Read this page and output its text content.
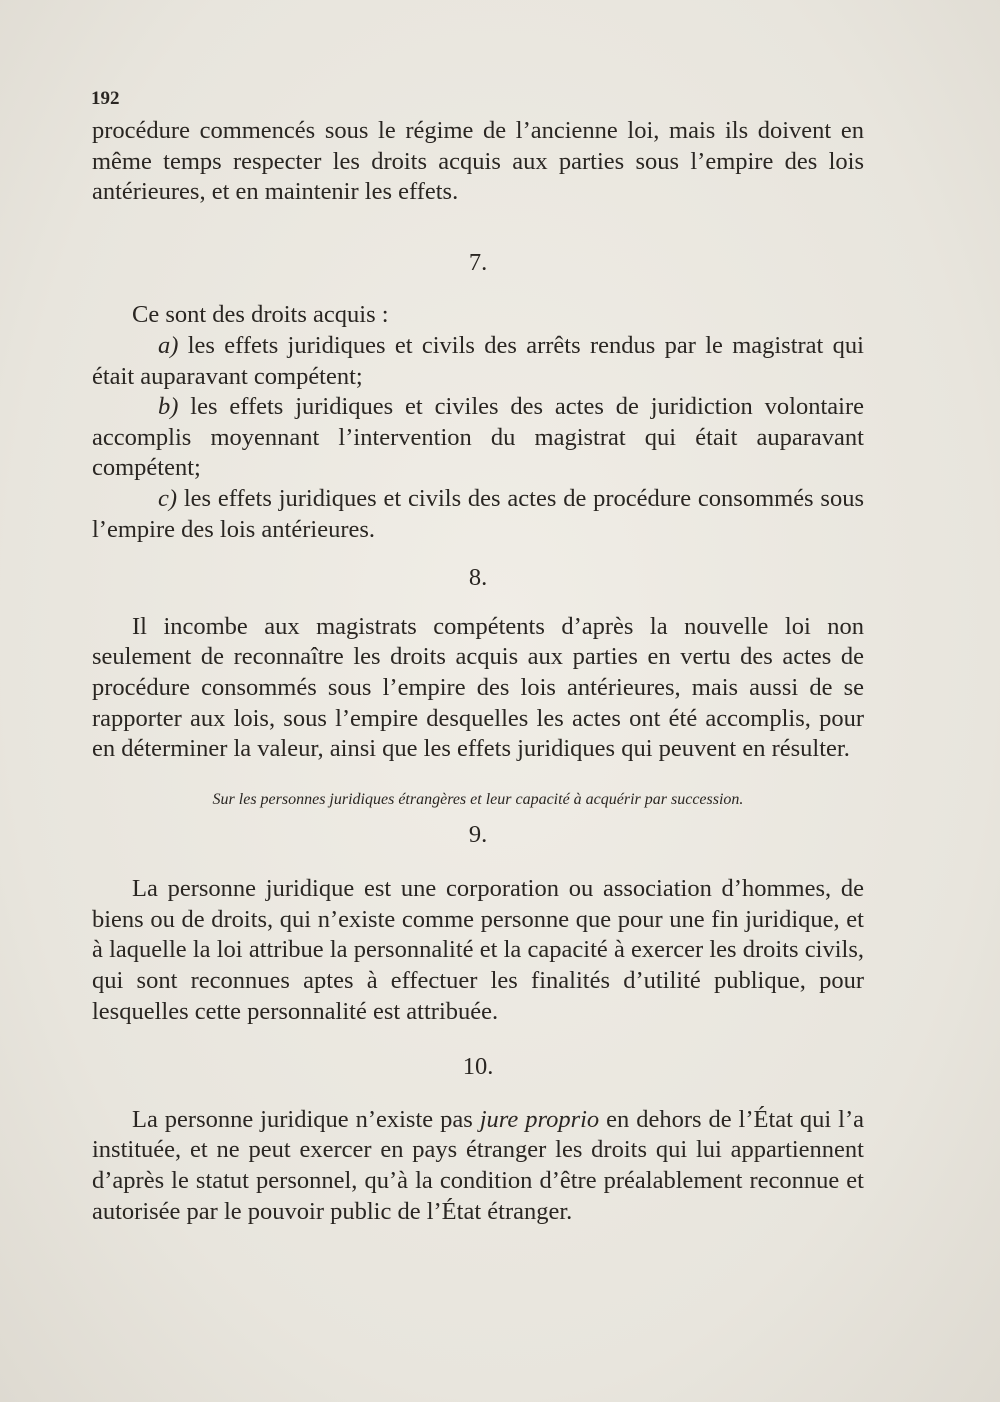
192

procédure commencés sous le régime de l’ancienne loi, mais ils doivent en même temps respecter les droits acquis aux parties sous l’empire des lois antérieures, et en maintenir les effets.

7.

Ce sont des droits acquis :

a) les effets juridiques et civils des arrêts rendus par le magistrat qui était auparavant compétent;

b) les effets juridiques et civiles des actes de juridiction volontaire accomplis moyennant l’intervention du magistrat qui était auparavant compétent;

c) les effets juridiques et civils des actes de procédure consommés sous l’empire des lois antérieures.

8.

Il incombe aux magistrats compétents d’après la nouvelle loi non seulement de reconnaître les droits acquis aux parties en vertu des actes de procédure consommés sous l’empire des lois antérieures, mais aussi de se rapporter aux lois, sous l’empire desquelles les actes ont été accomplis, pour en déterminer la valeur, ainsi que les effets juridiques qui peuvent en résulter.

Sur les personnes juridiques étrangères et leur capacité à acquérir par succession.
9.

La personne juridique est une corporation ou association d’hommes, de biens ou de droits, qui n’existe comme personne que pour une fin juridique, et à laquelle la loi attribue la personnalité et la capacité à exercer les droits civils, qui sont reconnues aptes à effectuer les finalités d’utilité publique, pour lesquelles cette personnalité est attribuée.

10.

La personne juridique n’existe pas jure proprio en dehors de l’État qui l’a instituée, et ne peut exercer en pays étranger les droits qui lui appartiennent d’après le statut personnel, qu’à la condition d’être préalablement reconnue et autorisée par le pouvoir public de l’État étranger.
